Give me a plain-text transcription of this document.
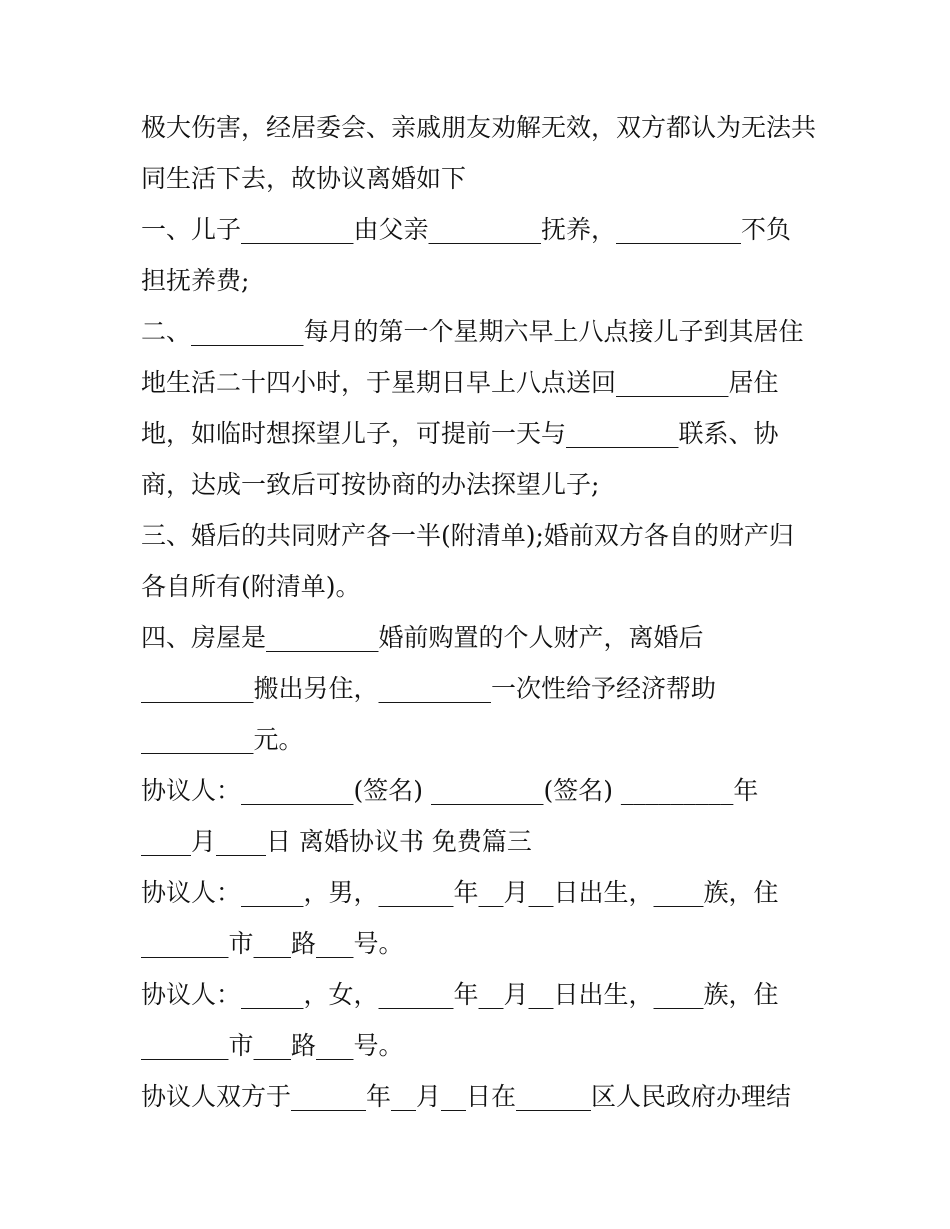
极大伤害，经居委会、亲戚朋友劝解无效，双方都认为无法共
同生活下去，故协议离婚如下
一、儿子_________由父亲_________抚养，__________不负
担抚养费;
二、_________每月的第一个星期六早上八点接儿子到其居住
地生活二十四小时，于星期日早上八点送回_________居住
地，如临时想探望儿子，可提前一天与_________联系、协
商，达成一致后可按协商的办法探望儿子;
三、婚后的共同财产各一半(附清单);婚前双方各自的财产归
各自所有(附清单)。
四、房屋是_________婚前购置的个人财产，离婚后
_________搬出另住，_________一次性给予经济帮助
_________元。
协议人：_________(签名) _________(签名) _________年
____月____日 离婚协议书 免费篇三
协议人：_____，男，______年__月__日出生，____族，住
_______市___路___号。
协议人：_____，女，______年__月__日出生，____族，住
_______市___路___号。
协议人双方于______年__月__日在______区人民政府办理结
